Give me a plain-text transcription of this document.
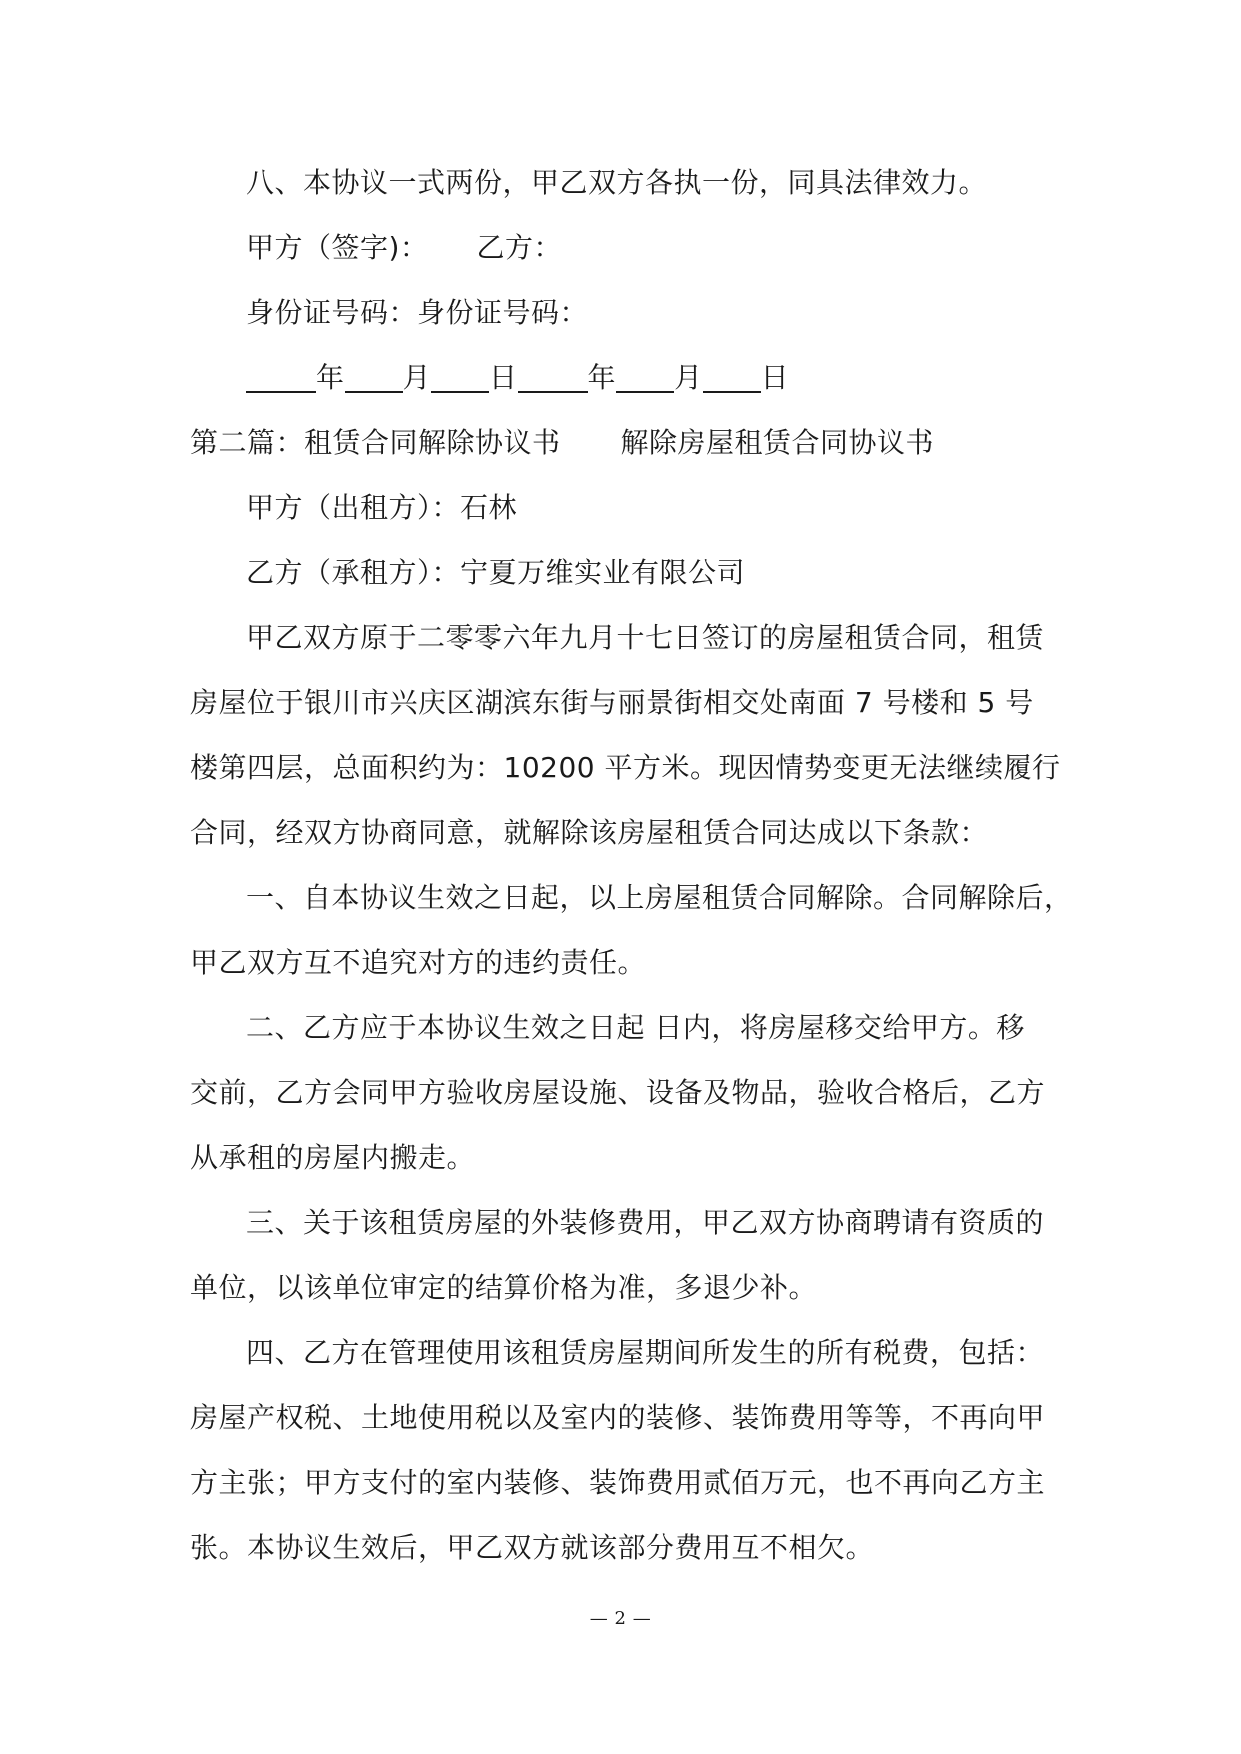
八、本协议一式两份，甲乙双方各执一份，同具法律效力。

甲方（签字)： 乙方：

身份证号码：身份证号码：

年 月 日	年 月 日

第二篇：租赁合同解除协议书 解除房屋租赁合同协议书

甲方（出租方）：石林

乙方（承租方）：宁夏万维实业有限公司

甲乙双方原于二零零六年九月十七日签订的房屋租赁合同，租赁

房屋位于银川市兴庆区湖滨东街与丽景街相交处南面 7 号楼和 5 号

楼第四层，总面积约为：10200 平方米。现因情势变更无法继续履行

合同，经双方协商同意，就解除该房屋租赁合同达成以下条款：

一、自本协议生效之日起，以上房屋租赁合同解除。合同解除后，

甲乙双方互不追究对方的违约责任。

二、乙方应于本协议生效之日起 日内，将房屋移交给甲方。移

交前，乙方会同甲方验收房屋设施、设备及物品，验收合格后，乙方

从承租的房屋内搬走。

三、关于该租赁房屋的外装修费用，甲乙双方协商聘请有资质的

单位，以该单位审定的结算价格为准，多退少补。

四、乙方在管理使用该租赁房屋期间所发生的所有税费，包括：

房屋产权税、土地使用税以及室内的装修、装饰费用等等，不再向甲

方主张；甲方支付的室内装修、装饰费用贰佰万元，也不再向乙方主

张。本协议生效后，甲乙双方就该部分费用互不相欠。

— 2 —
